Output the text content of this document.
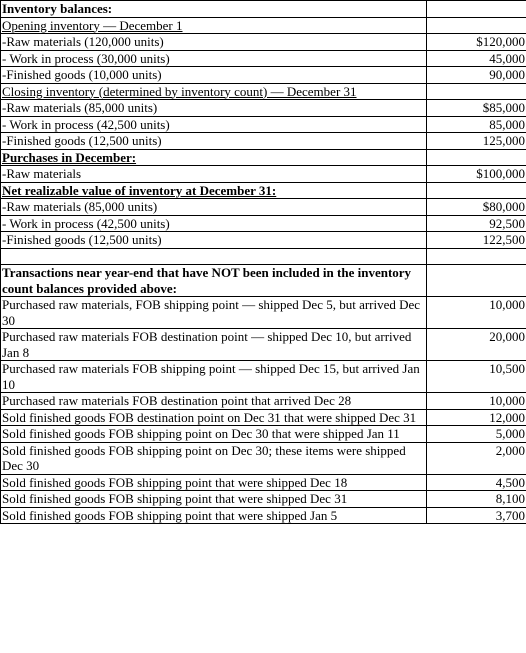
Inventory balances:	
Opening inventory — December 1	
-Raw materials (120,000 units)	$120,000
- Work in process (30,000 units)	45,000
-Finished goods (10,000 units)	90,000
Closing inventory (determined by inventory count) — December 31	
-Raw materials (85,000 units)	$85,000
- Work in process (42,500 units)	85,000
-Finished goods (12,500 units)	125,000
Purchases in December:	
-Raw materials	$100,000
Net realizable value of inventory at December 31:	
-Raw materials (85,000 units)	$80,000
- Work in process (42,500 units)	92,500
-Finished goods (12,500 units)	122,500

Transactions near year-end that have NOT been included in the inventory count balances provided above:	
Purchased raw materials, FOB shipping point — shipped Dec 5, but arrived Dec 30	10,000
Purchased raw materials FOB destination point — shipped Dec 10, but arrived Jan 8	20,000
Purchased raw materials FOB shipping point — shipped Dec 15, but arrived Jan 10	10,500
Purchased raw materials FOB destination point that arrived Dec 28	10,000
Sold finished goods FOB destination point on Dec 31 that were shipped Dec 31	12,000
Sold finished goods FOB shipping point on Dec 30 that were shipped Jan 11	5,000
Sold finished goods FOB shipping point on Dec 30; these items were shipped Dec 30	2,000
Sold finished goods FOB shipping point that were shipped Dec 18	4,500
Sold finished goods FOB shipping point that were shipped Dec 31	8,100
Sold finished goods FOB shipping point that were shipped Jan 5	3,700
